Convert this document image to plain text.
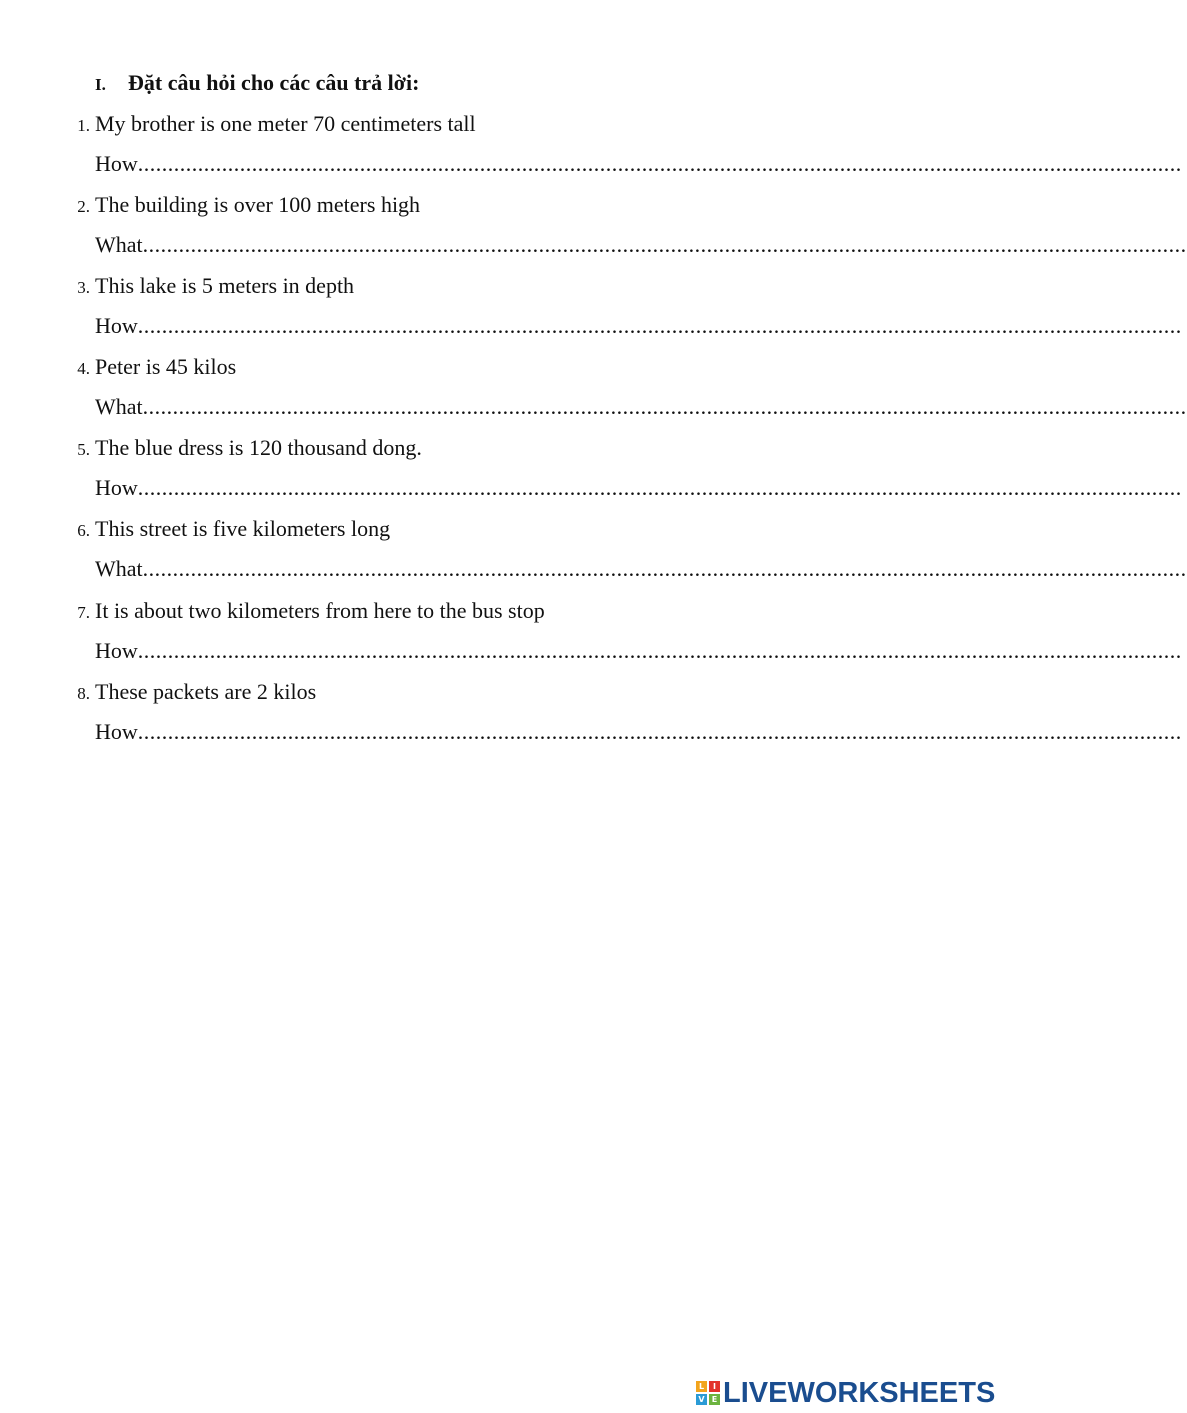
I. Đặt câu hỏi cho các câu trả lời:
1. My brother is one meter 70 centimeters tall
How ..............................................................................................................................................................................
2. The building is over 100 meters high
What ..............................................................................................................................................................................
3. This lake is 5 meters in depth
How ..............................................................................................................................................................................
4. Peter is 45 kilos
What ..............................................................................................................................................................................
5. The blue dress is 120 thousand dong.
How ..............................................................................................................................................................................
6. This street is five kilometers long
What ..............................................................................................................................................................................
7. It is about two kilometers from here to the bus stop
How ..............................................................................................................................................................................
8. These packets are 2 kilos
How ..............................................................................................................................................................................
L	I
V E LIVEWORKSHEETS
